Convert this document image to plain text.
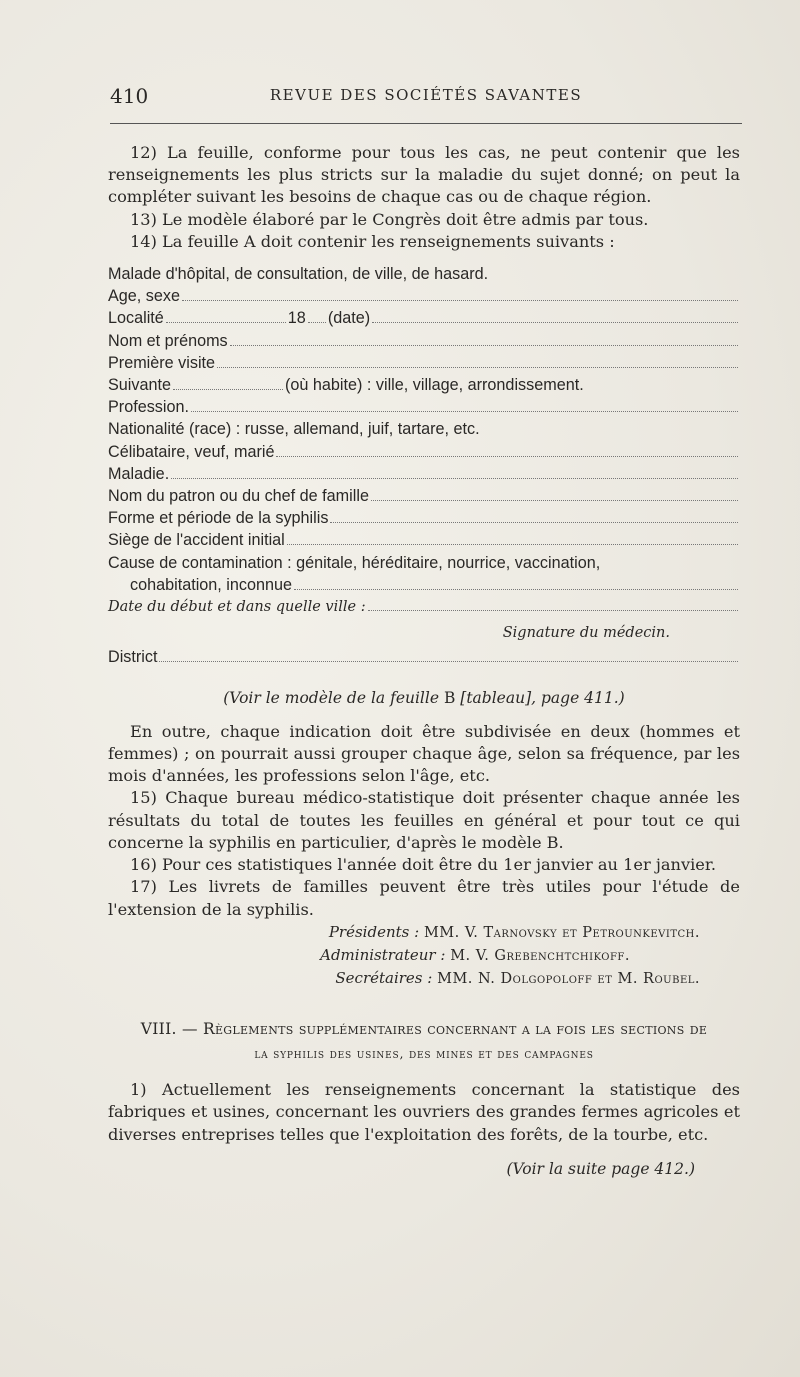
410	REVUE DES SOCIÉTÉS SAVANTES

12) La feuille, conforme pour tous les cas, ne peut contenir que les renseignements les plus stricts sur la maladie du sujet donné; on peut la compléter suivant les besoins de chaque cas ou de chaque région.

13) Le modèle élaboré par le Congrès doit être admis par tous.

14) La feuille A doit contenir les renseignements suivants :

Malade d'hôpital, de consultation, de ville, de hasard.
Age, sexe
Localité	18 (date)
Nom et prénoms
Première visite
Suivante	(où habite) : ville, village, arrondissement.
Profession.
Nationalité (race) : russe, allemand, juif, tartare, etc.
Célibataire, veuf, marié
Maladie.
Nom du patron ou du chef de famille
Forme et période de la syphilis
Siège de l'accident initial
Cause de contamination : génitale, héréditaire, nourrice, vaccination,
cohabitation, inconnue
Date du début et dans quelle ville :
Signature du médecin.
District
(Voir le modèle de la feuille B [tableau], page 411.)

En outre, chaque indication doit être subdivisée en deux (hommes et femmes) ; on pourrait aussi grouper chaque âge, selon sa fréquence, par les mois d'années, les professions selon l'âge, etc.

15) Chaque bureau médico-statistique doit présenter chaque année les résultats du total de toutes les feuilles en général et pour tout ce qui concerne la syphilis en particulier, d'après le modèle B.

16) Pour ces statistiques l'année doit être du 1er janvier au 1er janvier.

17) Les livrets de familles peuvent être très utiles pour l'étude de l'extension de la syphilis.

Présidents : MM. V. Tarnovsky et Petrounkevitch.
Administrateur : M. V. Grebenchtchikoff.
Secrétaires : MM. N. Dolgopoloff et M. Roubel.
VIII. — Règlements supplémentaires concernant a la fois les sections de
la syphilis des usines, des mines et des campagnes

1) Actuellement les renseignements concernant la statistique des fabriques et usines, concernant les ouvriers des grandes fermes agricoles et diverses entreprises telles que l'exploitation des forêts, de la tourbe, etc.

(Voir la suite page 412.)
